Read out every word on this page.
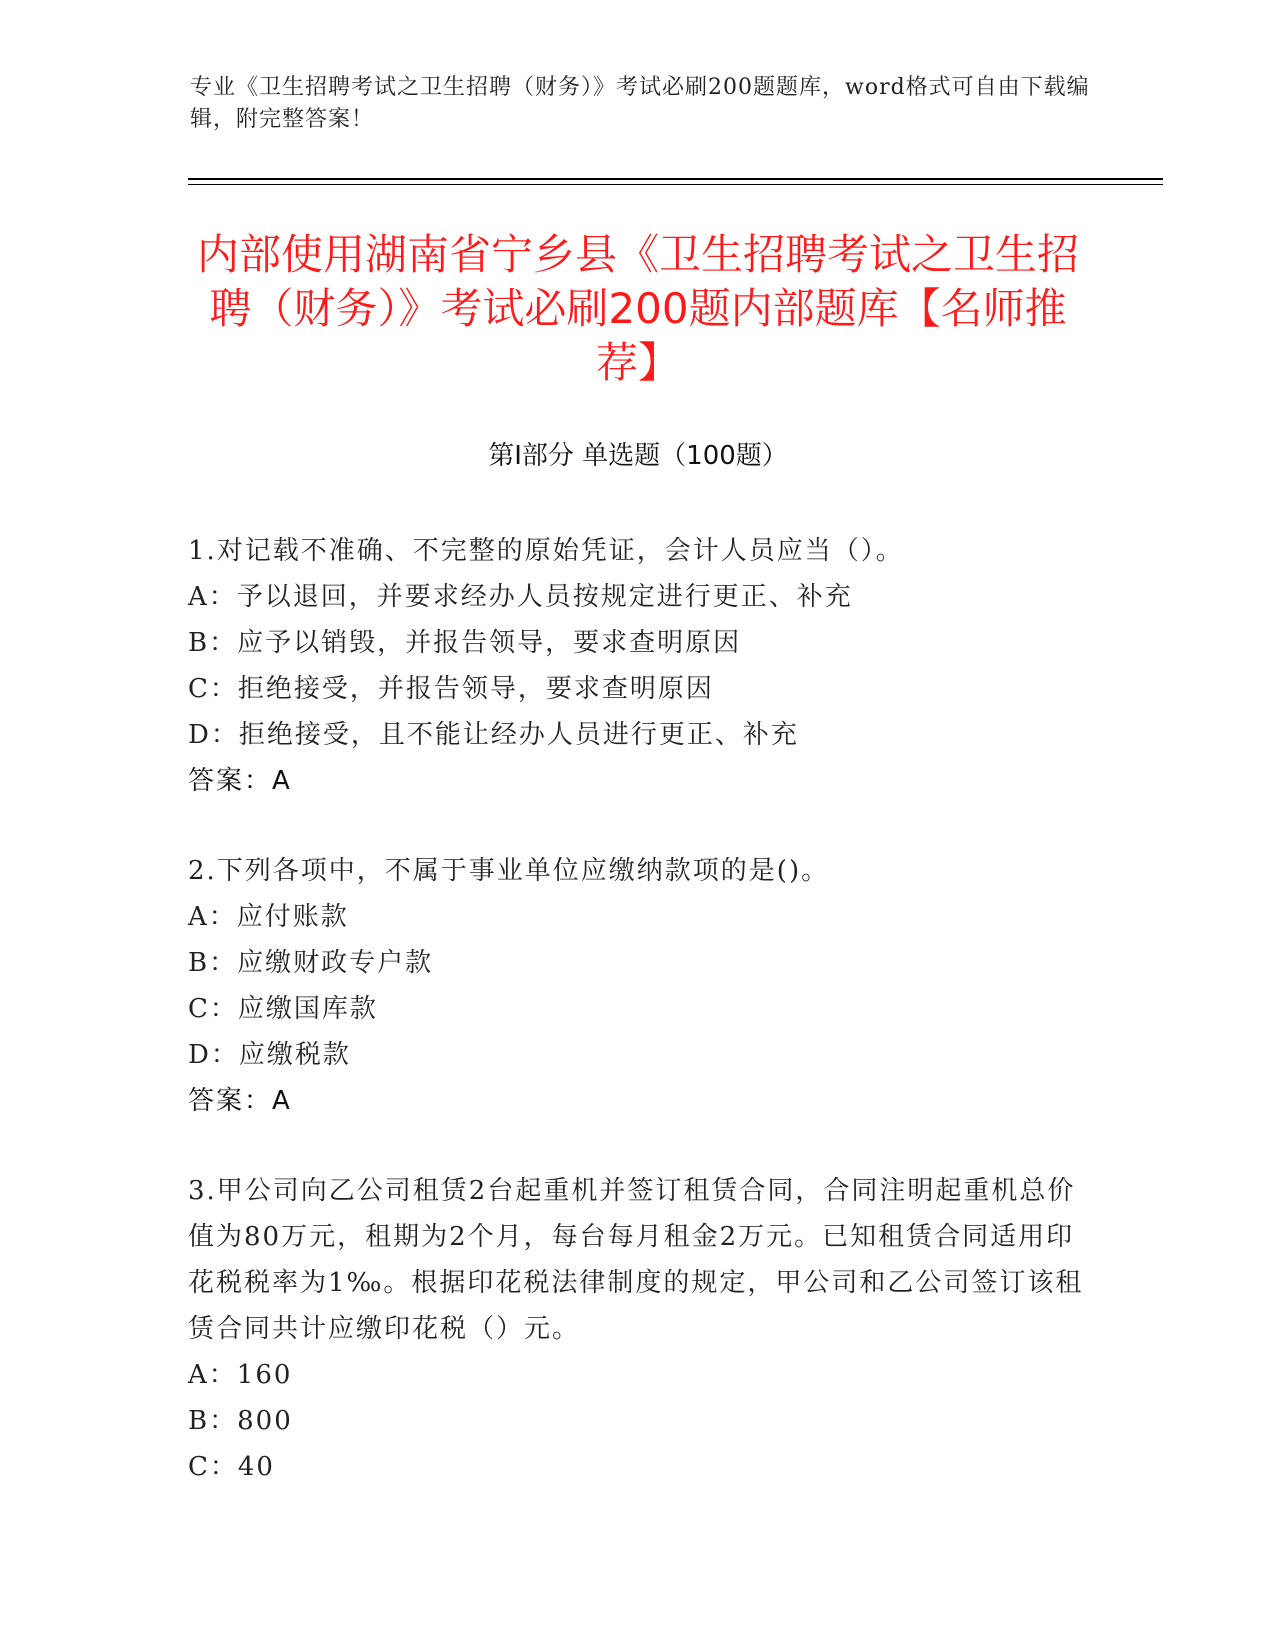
专业《卫生招聘考试之卫生招聘（财务）》考试必刷200题题库，word格式可自由下载编辑，附完整答案！
内部使用湖南省宁乡县《卫生招聘考试之卫生招聘（财务）》考试必刷200题内部题库【名师推荐】
第I部分 单选题（100题）
1.对记载不准确、不完整的原始凭证，会计人员应当（）。
A：予以退回，并要求经办人员按规定进行更正、补充
B：应予以销毁，并报告领导，要求查明原因
C：拒绝接受，并报告领导，要求查明原因
D：拒绝接受，且不能让经办人员进行更正、补充
答案：A
2.下列各项中，不属于事业单位应缴纳款项的是()。
A：应付账款
B：应缴财政专户款
C：应缴国库款
D：应缴税款
答案：A
3.甲公司向乙公司租赁2台起重机并签订租赁合同，合同注明起重机总价值为80万元，租期为2个月，每台每月租金2万元。已知租赁合同适用印花税税率为1‰。根据印花税法律制度的规定，甲公司和乙公司签订该租赁合同共计应缴印花税（）元。
A：160
B：800
C：40
